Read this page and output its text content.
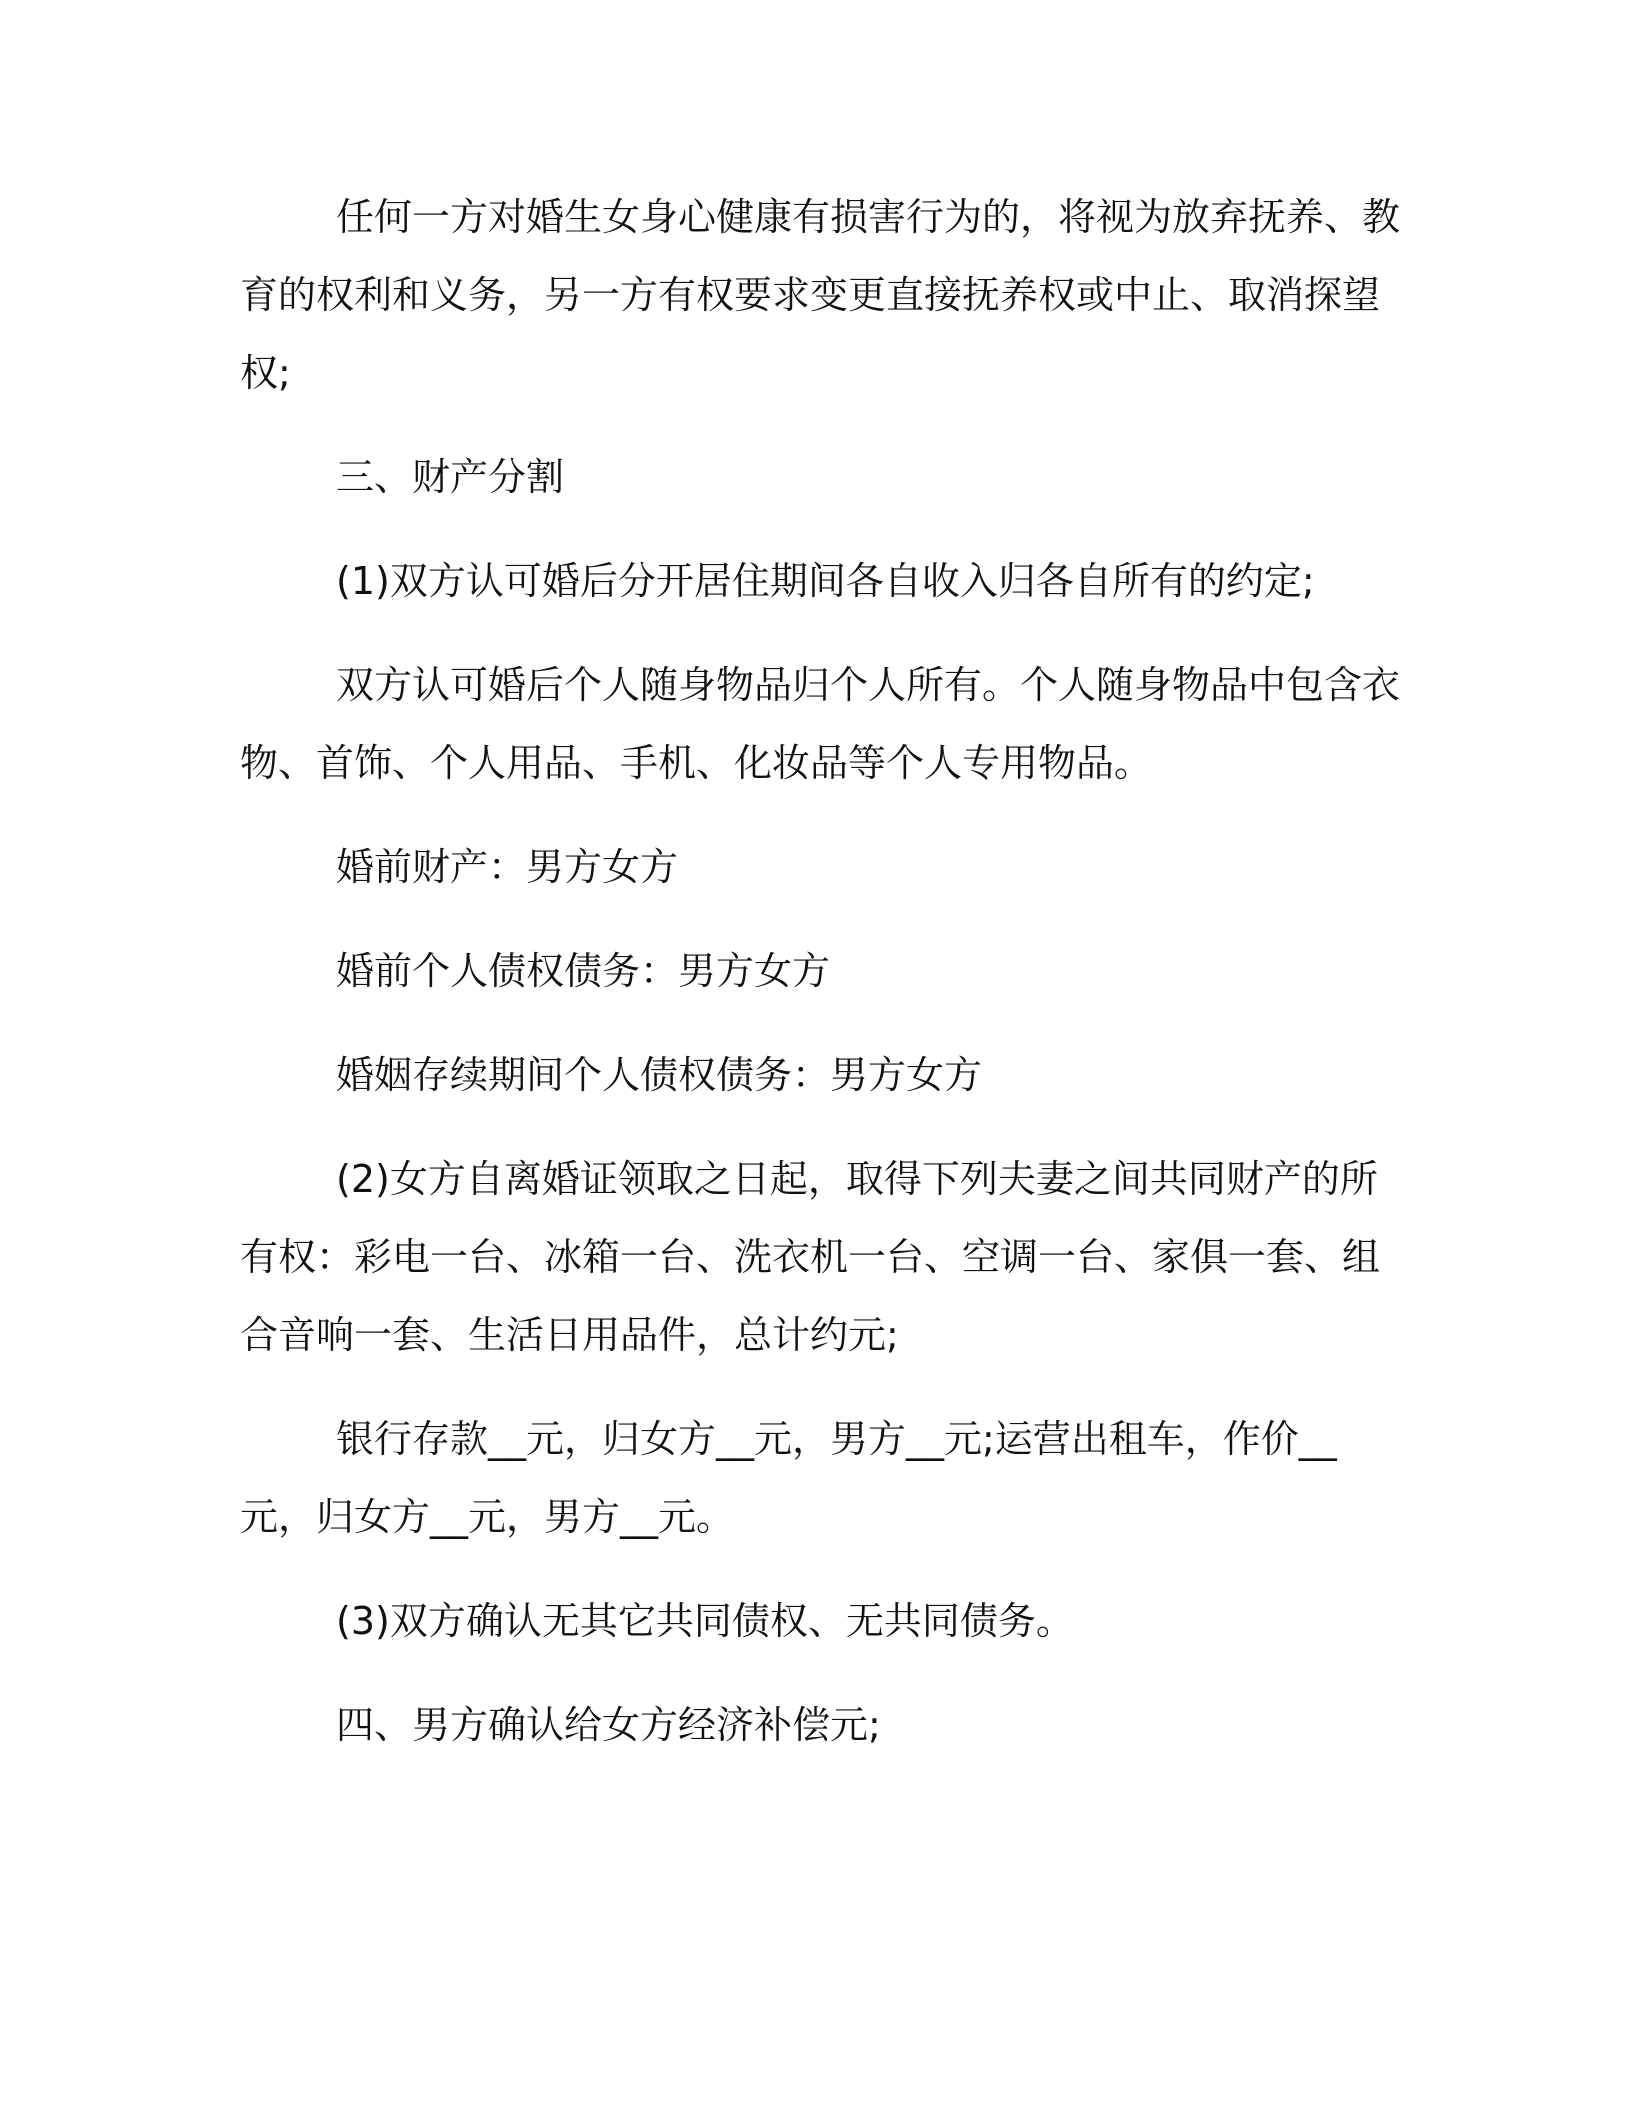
任何一方对婚生女身心健康有损害行为的，将视为放弃抚养、教育的权利和义务，另一方有权要求变更直接抚养权或中止、取消探望权;

三、财产分割

(1)双方认可婚后分开居住期间各自收入归各自所有的约定;

双方认可婚后个人随身物品归个人所有。个人随身物品中包含衣物、首饰、个人用品、手机、化妆品等个人专用物品。

婚前财产：男方女方

婚前个人债权债务：男方女方

婚姻存续期间个人债权债务：男方女方

(2)女方自离婚证领取之日起，取得下列夫妻之间共同财产的所有权：彩电一台、冰箱一台、洗衣机一台、空调一台、家俱一套、组合音响一套、生活日用品件，总计约元;

银行存款__元，归女方__元，男方__元;运营出租车，作价__元，归女方__元，男方__元。

(3)双方确认无其它共同债权、无共同债务。

四、男方确认给女方经济补偿元;
